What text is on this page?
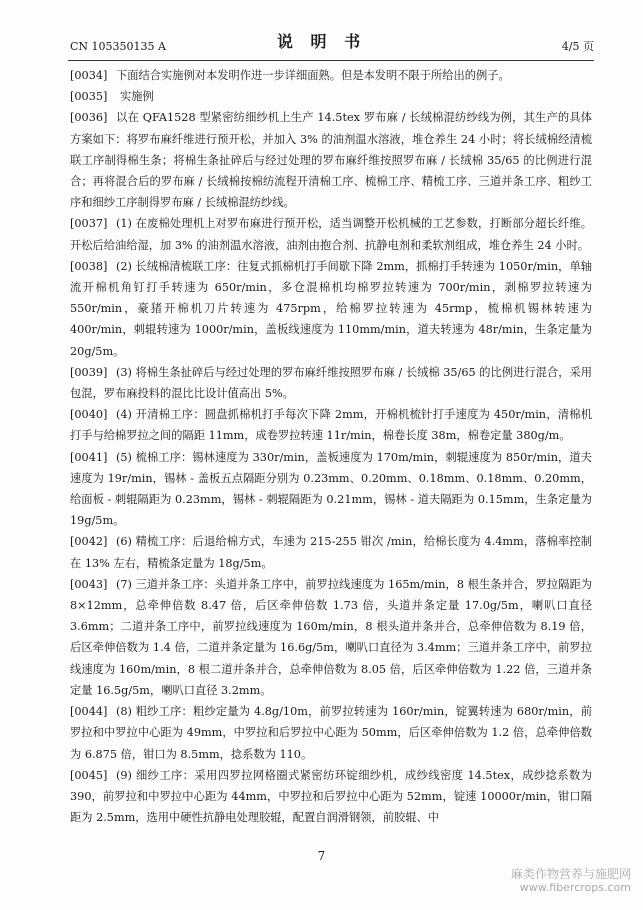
CN 105350135 A	说 明 书	4/5 页

[0034] 下面结合实施例对本发明作进一步详细面熟。但是本发明不限于所给出的例子。

[0035] 实施例

[0036] 以在 QFA1528 型紧密纺细纱机上生产 14.5tex 罗布麻 / 长绒棉混纺纱线为例，其生产的具体方案如下：将罗布麻纤维进行预开松，并加入 3% 的油剂温水溶液，堆仓养生 24 小时；将长绒棉经清梳联工序制得棉生条；将棉生条扯碎后与经过处理的罗布麻纤维按照罗布麻 / 长绒棉 35/65 的比例进行混合；再将混合后的罗布麻 / 长绒棉按棉纺流程开清棉工序、梳棉工序、精梳工序、三道并条工序、粗纱工序和细纱工序制得罗布麻 / 长绒棉混纺纱线。

[0037] (1) 在废棉处理机上对罗布麻进行预开松，适当调整开松机械的工艺参数，打断部分超长纤维。开松后给油给湿，加 3% 的油剂温水溶液，油剂由抱合剂、抗静电剂和柔软剂组成，堆仓养生 24 小时。

[0038] (2) 长绒棉清梳联工序：往复式抓棉机打手间歇下降 2mm，抓棉打手转速为 1050r/min，单轴流开棉机角钉打手转速为 650r/min，多仓混棉机均棉罗拉转速为 700r/min，剥棉罗拉转速为 550r/min，豪猪开棉机刀片转速为 475rpm，给棉罗拉转速为 45rmp，梳棉机锡林转速为 400r/min，刺辊转速为 1000r/min，盖板线速度为 110mm/min，道夫转速为 48r/min，生条定量为 20g/5m。

[0039] (3) 将棉生条扯碎后与经过处理的罗布麻纤维按照罗布麻 / 长绒棉 35/65 的比例进行混合，采用包混，罗布麻投料的混比比设计值高出 5%。

[0040] (4) 开清棉工序：圆盘抓棉机打手每次下降 2mm，开棉机梳针打手速度为 450r/min，清棉机打手与给棉罗拉之间的隔距 11mm，成卷罗拉转速 11r/min，棉卷长度 38m，棉卷定量 380g/m。

[0041] (5) 梳棉工序：锡林速度为 330r/min，盖板速度为 170m/min，刺辊速度为 850r/min，道夫速度为 19r/min，锡林 - 盖板五点隔距分别为 0.23mm、0.20mm、0.18mm、0.18mm、0.20mm，给面板 - 刺辊隔距为 0.23mm，锡林 - 刺辊隔距为 0.21mm，锡林 - 道夫隔距为 0.15mm，生条定量为 19g/5m。

[0042] (6) 精梳工序：后退给棉方式，车速为 215-255 钳次 /min，给棉长度为 4.4mm，落棉率控制在 13% 左右，精梳条定量为 18g/5m。

[0043] (7) 三道并条工序：头道并条工序中，前罗拉线速度为 165m/min，8 根生条并合，罗拉隔距为 8×12mm，总牵伸倍数 8.47 倍，后区牵伸倍数 1.73 倍，头道并条定量 17.0g/5m，喇叭口直径 3.6mm；二道并条工序中，前罗拉线速度为 160m/min，8 根头道并条并合，总牵伸倍数为 8.19 倍，后区牵伸倍数为 1.4 倍，二道并条定量为 16.6g/5m，喇叭口直径为 3.4mm；三道并条工序中，前罗拉线速度为 160m/min，8 根二道并条并合，总牵伸倍数为 8.05 倍，后区牵伸倍数为 1.22 倍，三道并条定量 16.5g/5m，喇叭口直径 3.2mm。

[0044] (8) 粗纱工序：粗纱定量为 4.8g/10m，前罗拉转速为 160r/min，锭翼转速为 680r/min，前罗拉和中罗拉中心距为 49mm，中罗拉和后罗拉中心距为 50mm，后区牵伸倍数为 1.2 倍，总牵伸倍数为 6.875 倍，钳口为 8.5mm，捻系数为 110。

[0045] (9) 细纱工序：采用四罗拉网格圈式紧密纺环锭细纱机，成纱线密度 14.5tex，成纱捻系数为 390，前罗拉和中罗拉中心距为 44mm，中罗拉和后罗拉中心距为 52mm，锭速 10000r/min，钳口隔距为 2.5mm，选用中硬性抗静电处理胶辊，配置自润滑钢领，前胶辊、中

7
麻类作物营养与施肥网
www.fibercrops.com
